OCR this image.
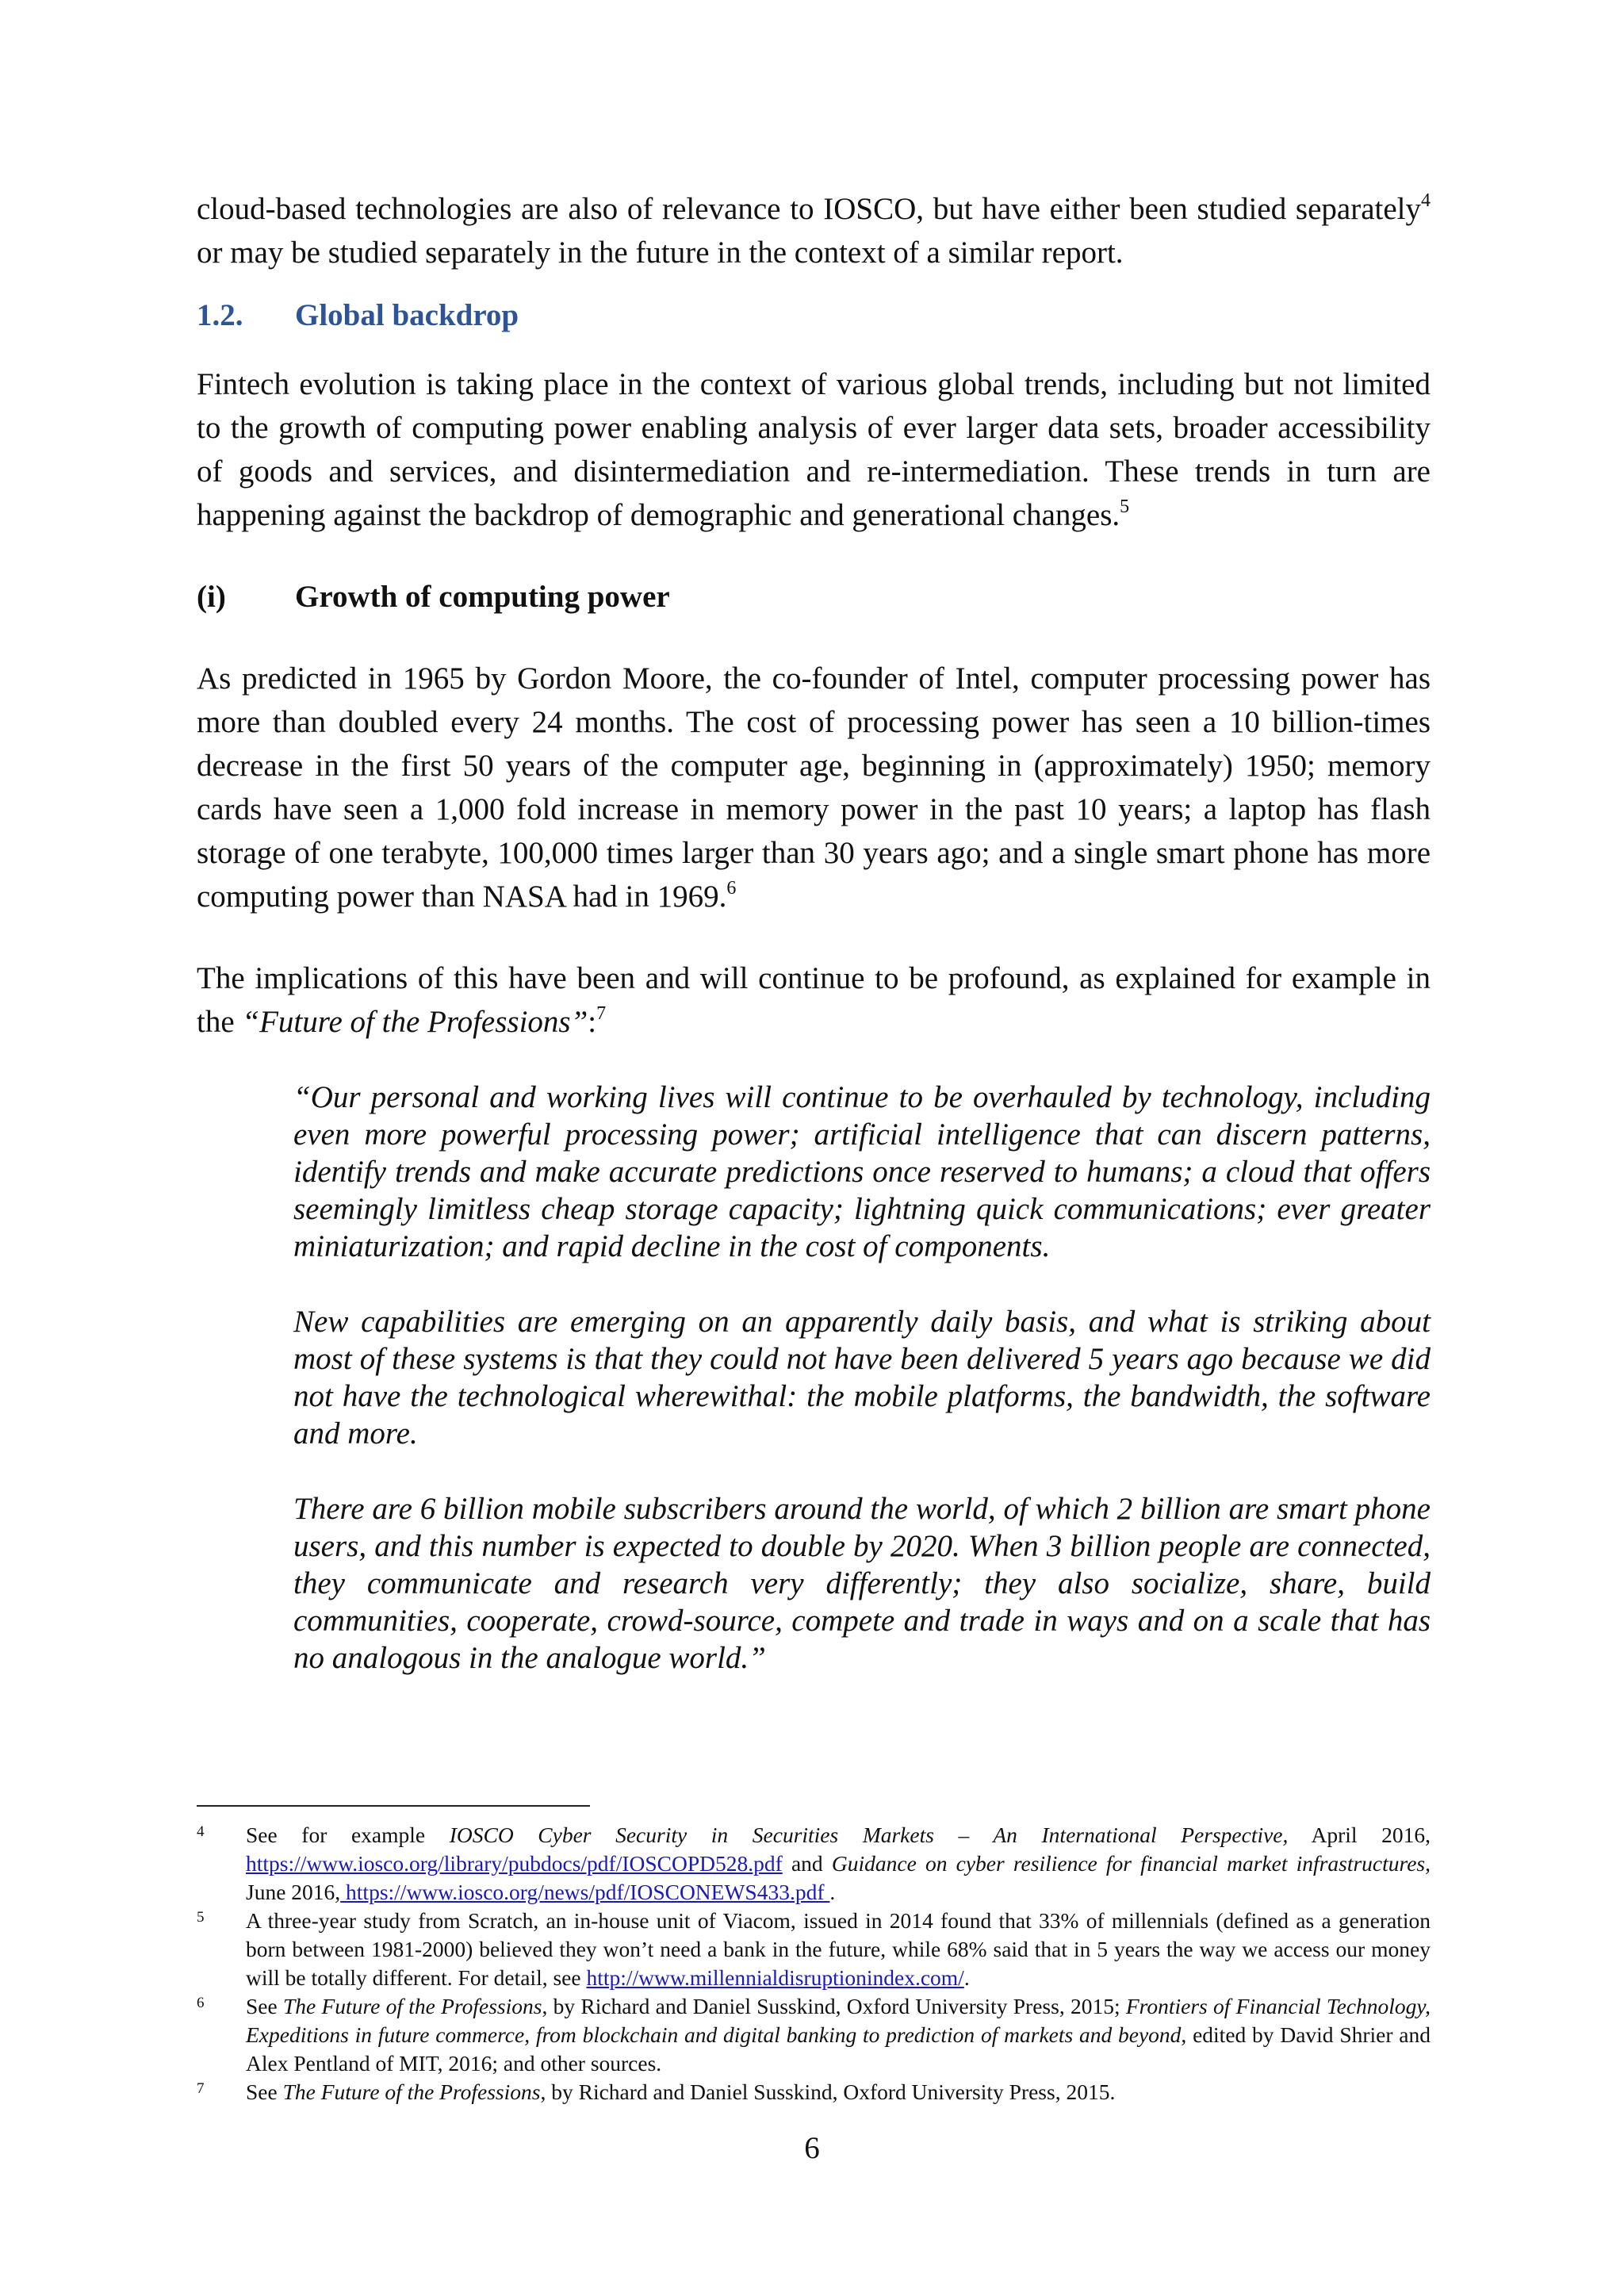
cloud-based technologies are also of relevance to IOSCO, but have either been studied separately$^4$ or may be studied separately in the future in the context of a similar report.

1.2.	Global backdrop

Fintech evolution is taking place in the context of various global trends, including but not limited to the growth of computing power enabling analysis of ever larger data sets, broader accessibility of goods and services, and disintermediation and re-intermediation. These trends in turn are happening against the backdrop of demographic and generational changes.$^5$

(i)	Growth of computing power

As predicted in 1965 by Gordon Moore, the co-founder of Intel, computer processing power has more than doubled every 24 months. The cost of processing power has seen a 10 billion-times decrease in the first 50 years of the computer age, beginning in (approximately) 1950; memory cards have seen a 1,000 fold increase in memory power in the past 10 years; a laptop has flash storage of one terabyte, 100,000 times larger than 30 years ago; and a single smart phone has more computing power than NASA had in 1969.$^6$

The implications of this have been and will continue to be profound, as explained for example in the “Future of the Professions”:$^7$

“Our personal and working lives will continue to be overhauled by technology, including even more powerful processing power; artificial intelligence that can discern patterns, identify trends and make accurate predictions once reserved to humans; a cloud that offers seemingly limitless cheap storage capacity; lightning quick communications; ever greater miniaturization; and rapid decline in the cost of components.

New capabilities are emerging on an apparently daily basis, and what is striking about most of these systems is that they could not have been delivered 5 years ago because we did not have the technological wherewithal: the mobile platforms, the bandwidth, the software and more.

There are 6 billion mobile subscribers around the world, of which 2 billion are smart phone users, and this number is expected to double by 2020. When 3 billion people are connected, they communicate and research very differently; they also socialize, share, build communities, cooperate, crowd-source, compete and trade in ways and on a scale that has no analogous in the analogue world.”

4	See for example IOSCO Cyber Security in Securities Markets – An International Perspective, April 2016, https://www.iosco.org/library/pubdocs/pdf/IOSCOPD528.pdf and Guidance on cyber resilience for financial market infrastructures, June 2016, https://www.iosco.org/news/pdf/IOSCONEWS433.pdf .
5	A three-year study from Scratch, an in-house unit of Viacom, issued in 2014 found that 33% of millennials (defined as a generation born between 1981-2000) believed they won’t need a bank in the future, while 68% said that in 5 years the way we access our money will be totally different. For detail, see http://www.millennialdisruptionindex.com/.
6	See The Future of the Professions, by Richard and Daniel Susskind, Oxford University Press, 2015; Frontiers of Financial Technology, Expeditions in future commerce, from blockchain and digital banking to prediction of markets and beyond, edited by David Shrier and Alex Pentland of MIT, 2016; and other sources.
7	See The Future of the Professions, by Richard and Daniel Susskind, Oxford University Press, 2015.
6
